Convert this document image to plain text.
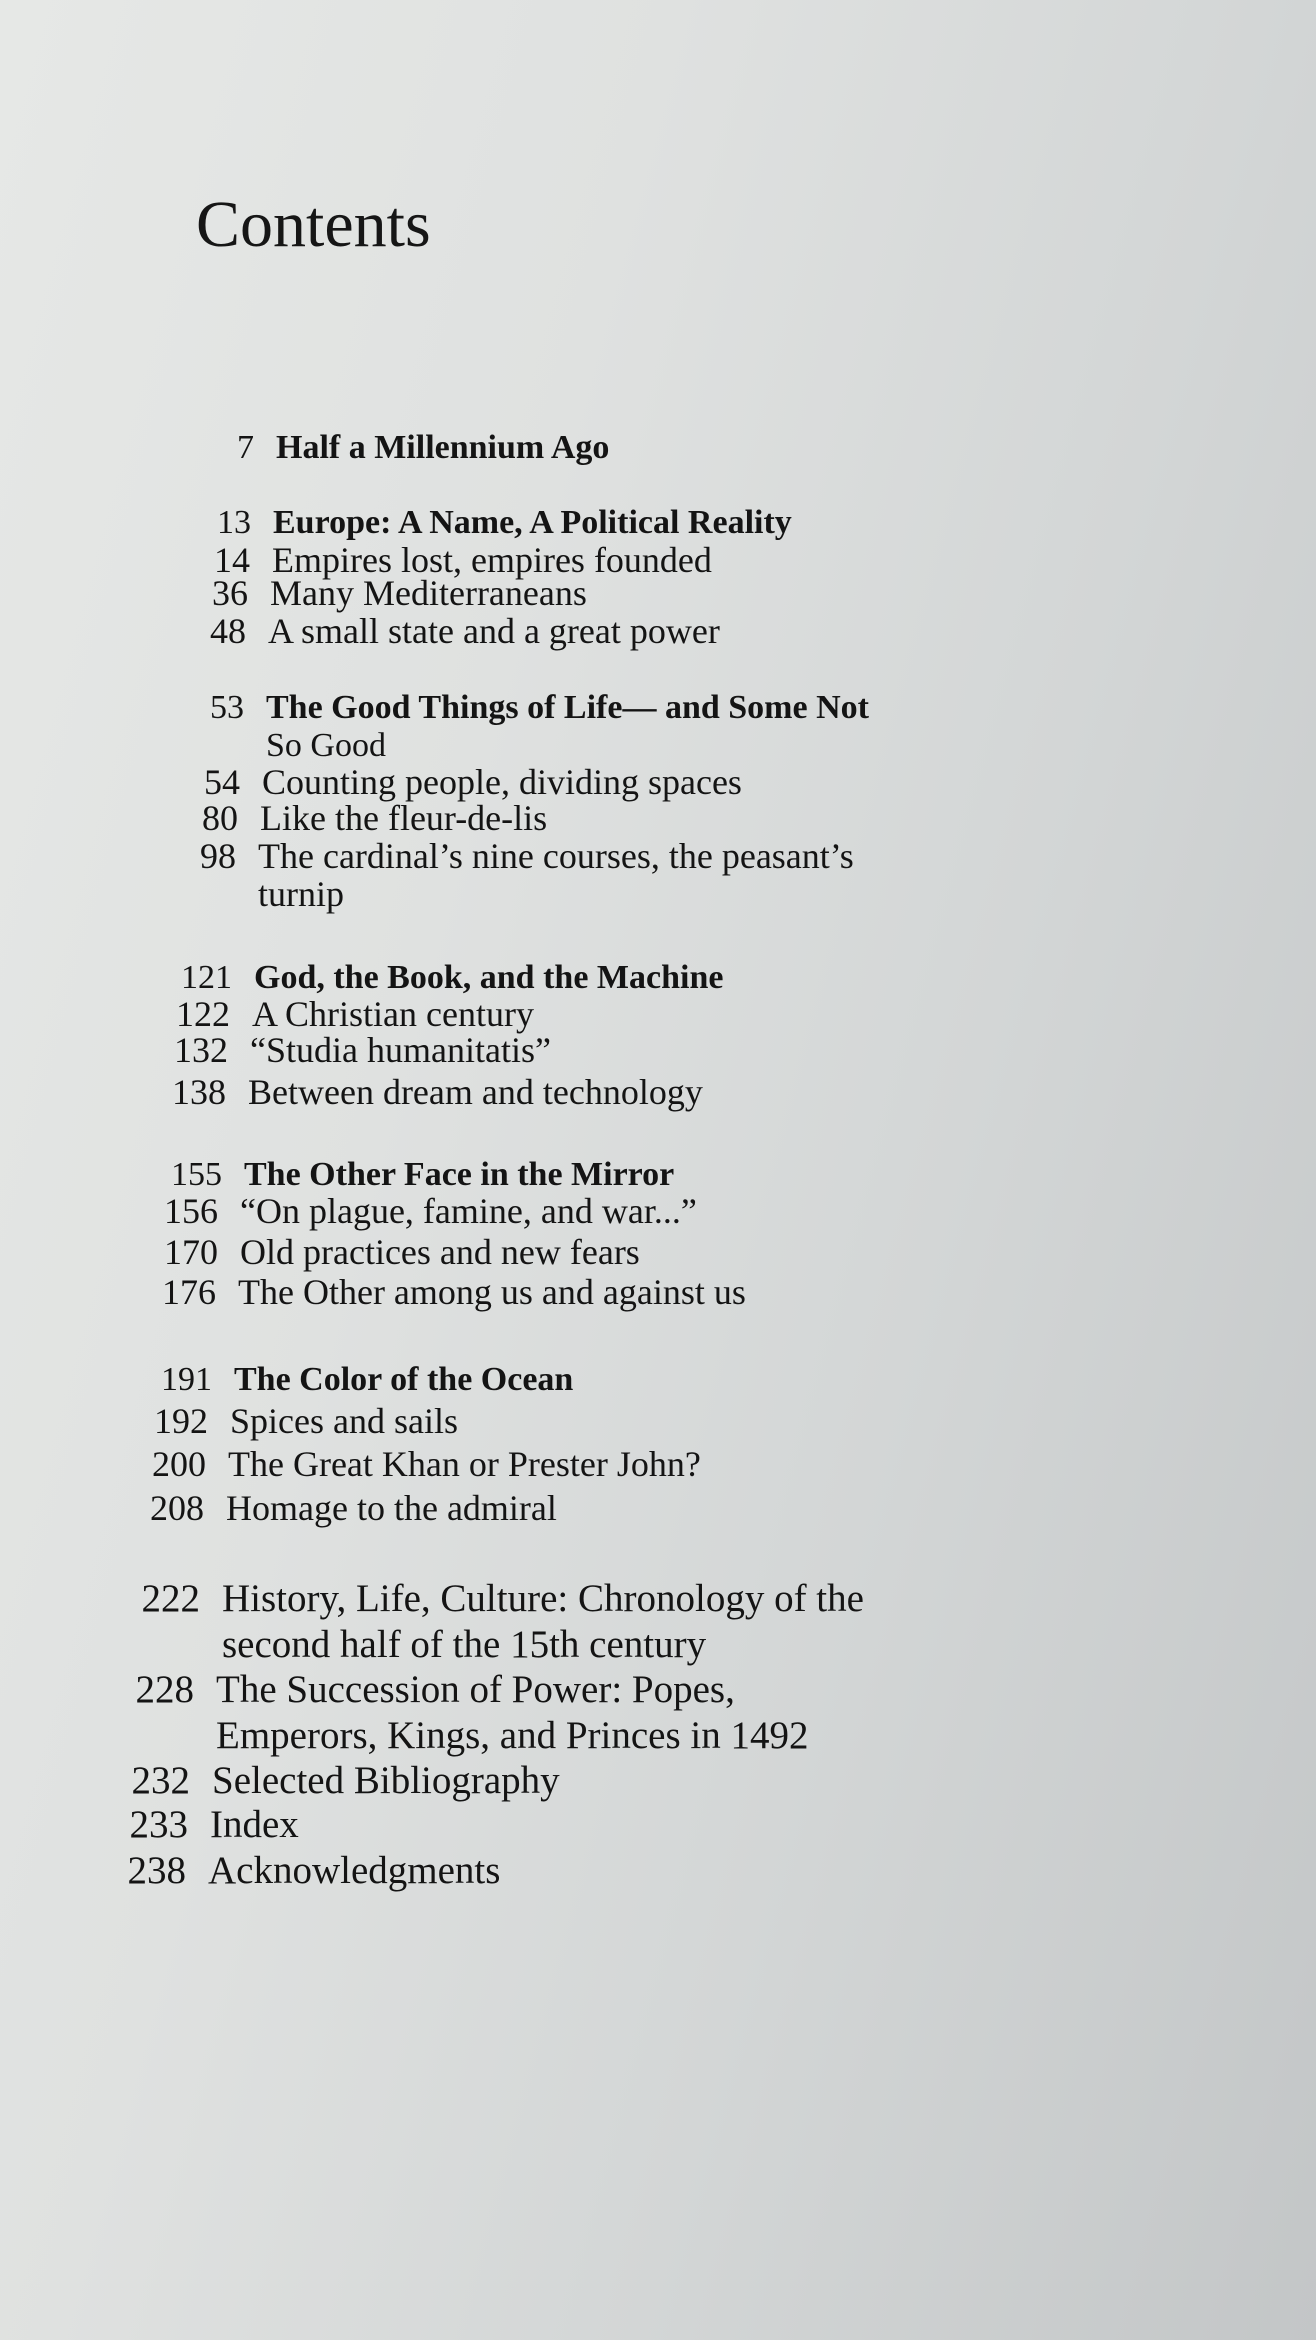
Contents
7 Half a Millennium Ago
13 Europe: A Name, A Political Reality
14 Empires lost, empires founded
36 Many Mediterraneans
48 A small state and a great power
53 The Good Things of Life— and Some Not
So Good
54 Counting people, dividing spaces
80 Like the fleur-de-lis
98 The cardinal’s nine courses, the peasant’s
turnip
121 God, the Book, and the Machine
122 A Christian century
132 “Studia humanitatis”
138 Between dream and technology
155 The Other Face in the Mirror
156 “On plague, famine, and war...”
170 Old practices and new fears
176 The Other among us and against us
191 The Color of the Ocean
192 Spices and sails
200 The Great Khan or Prester John?
208 Homage to the admiral
222 History, Life, Culture: Chronology of the
second half of the 15th century
228 The Succession of Power: Popes,
Emperors, Kings, and Princes in 1492
232 Selected Bibliography
233 Index
238 Acknowledgments
